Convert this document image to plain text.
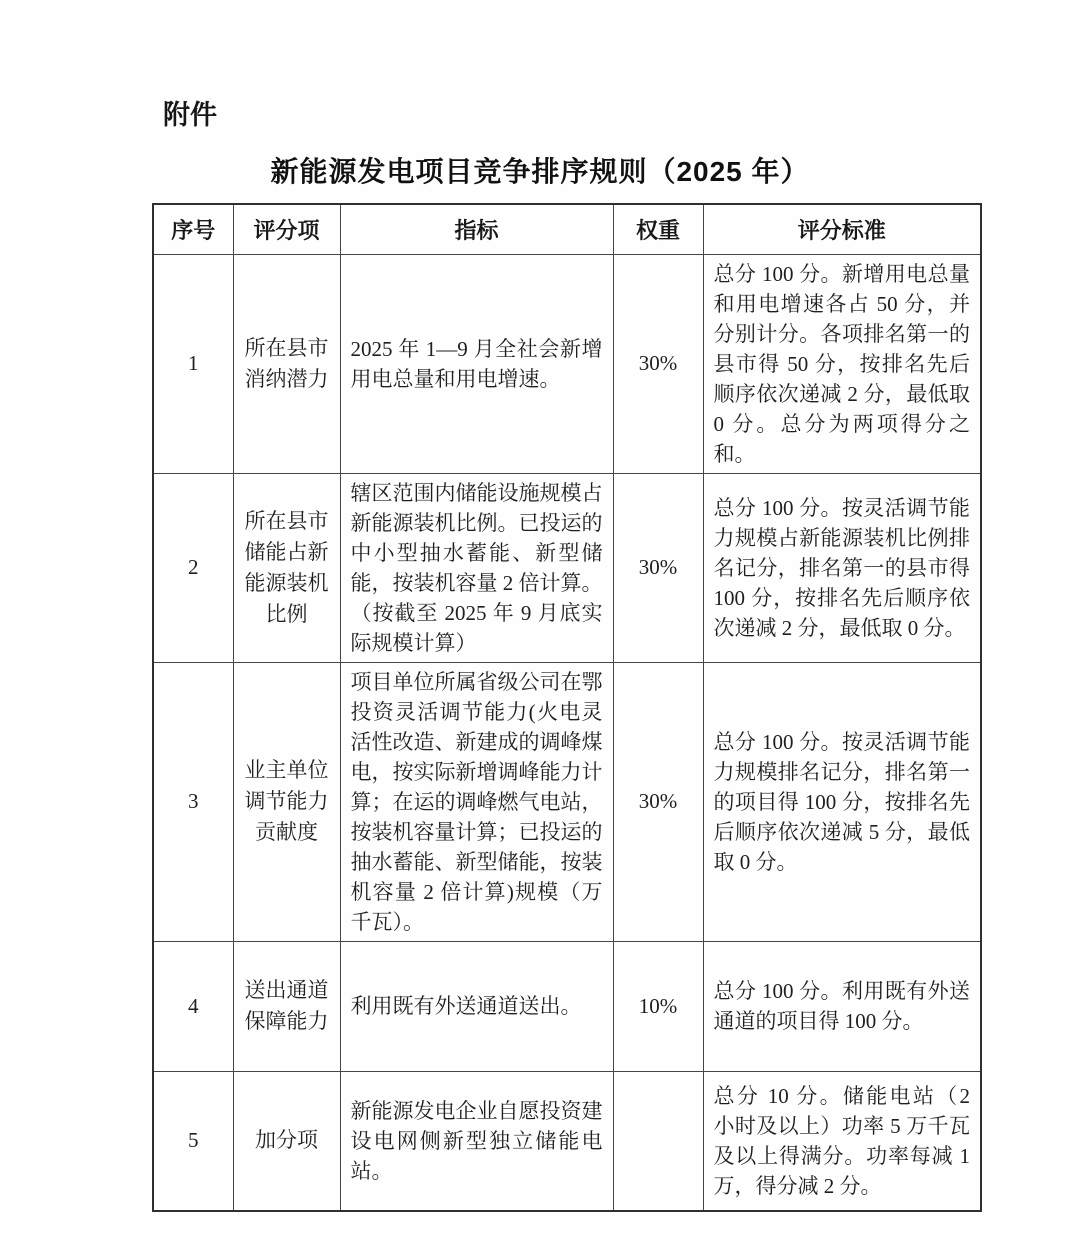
附件
新能源发电项目竞争排序规则（2025 年）
序号	评分项	指标	权重	评分标准
1	所在县市消纳潜力	2025 年 1—9 月全社会新增用电总量和用电增速。	30%	总分 100 分。新增用电总量和用电增速各占 50 分，并分别计分。各项排名第一的县市得 50 分，按排名先后顺序依次递减 2 分，最低取 0 分。总分为两项得分之和。
2	所在县市储能占新能源装机比例	辖区范围内储能设施规模占新能源装机比例。已投运的中小型抽水蓄能、新型储能，按装机容量 2 倍计算。（按截至 2025 年 9 月底实际规模计算）	30%	总分 100 分。按灵活调节能力规模占新能源装机比例排名记分，排名第一的县市得 100 分，按排名先后顺序依次递减 2 分，最低取 0 分。
3	业主单位调节能力贡献度	项目单位所属省级公司在鄂投资灵活调节能力(火电灵活性改造、新建成的调峰煤电，按实际新增调峰能力计算；在运的调峰燃气电站，按装机容量计算；已投运的抽水蓄能、新型储能，按装机容量 2 倍计算)规模（万千瓦）。	30%	总分 100 分。按灵活调节能力规模排名记分，排名第一的项目得 100 分，按排名先后顺序依次递减 5 分，最低取 0 分。
4	送出通道保障能力	利用既有外送通道送出。	10%	总分 100 分。利用既有外送通道的项目得 100 分。
5	加分项	新能源发电企业自愿投资建设电网侧新型独立储能电站。		总分 10 分。储能电站（2 小时及以上）功率 5 万千瓦及以上得满分。功率每减 1 万，得分减 2 分。
